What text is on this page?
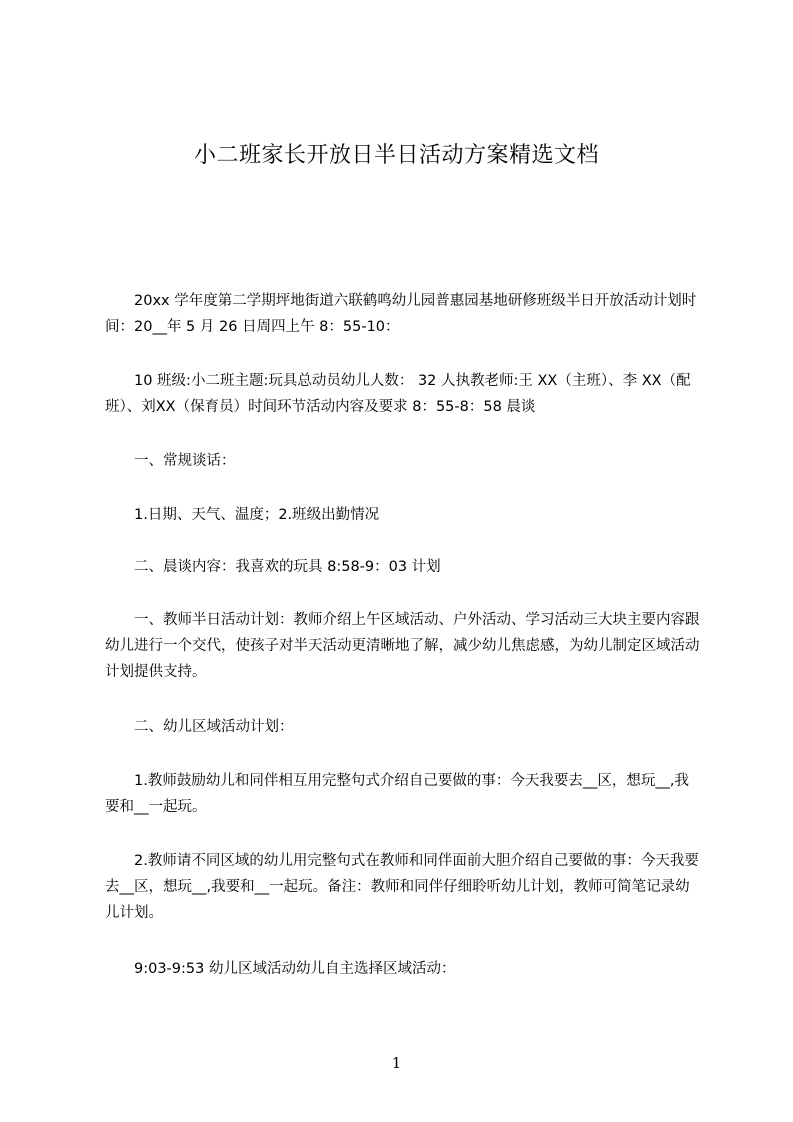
小二班家长开放日半日活动方案精选文档

20xx 学年度第二学期坪地街道六联鹤鸣幼儿园普惠园基地研修班级半日开放活动计划时间：20__年 5 月 26 日周四上午 8：55-10：

10 班级:小二班主题:玩具总动员幼儿人数： 32 人执教老师:王 XX（主班）、李 XX（配班）、刘XX（保育员）时间环节活动内容及要求 8：55-8：58 晨谈

一、常规谈话：

1.日期、天气、温度；2.班级出勤情况

二、晨谈内容：我喜欢的玩具 8:58-9：03 计划

一、教师半日活动计划：教师介绍上午区域活动、户外活动、学习活动三大块主要内容跟幼儿进行一个交代，使孩子对半天活动更清晰地了解，减少幼儿焦虑感，为幼儿制定区域活动计划提供支持。

二、幼儿区域活动计划：

1.教师鼓励幼儿和同伴相互用完整句式介绍自己要做的事：今天我要去__区，想玩__,我要和__一起玩。

2.教师请不同区域的幼儿用完整句式在教师和同伴面前大胆介绍自己要做的事：今天我要去__区，想玩__,我要和__一起玩。备注：教师和同伴仔细聆听幼儿计划，教师可简笔记录幼儿计划。

9:03-9:53 幼儿区域活动幼儿自主选择区域活动：

1
